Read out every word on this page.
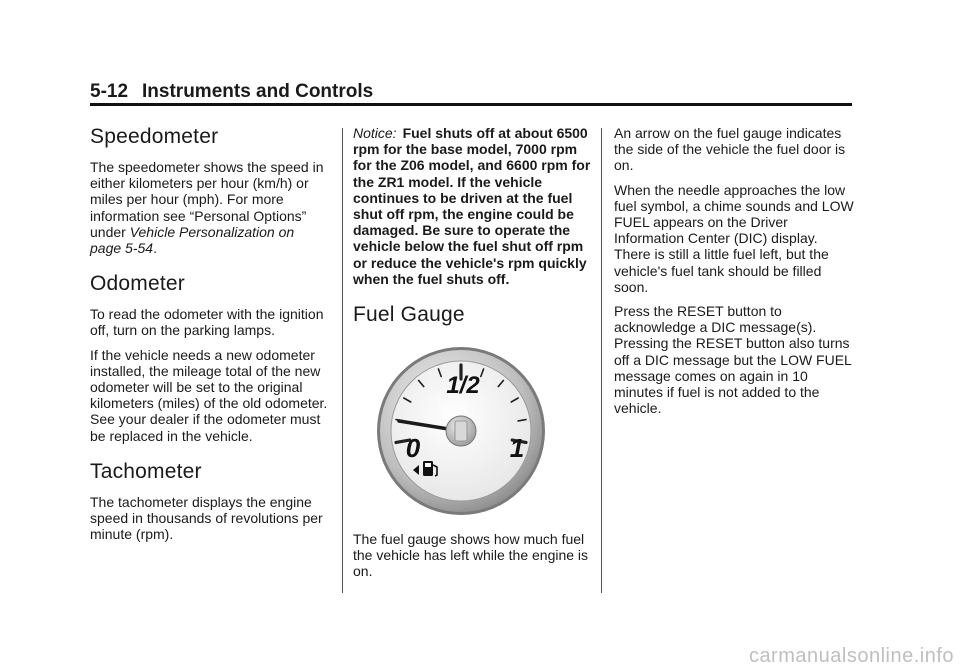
5-12 Instruments and Controls
Speedometer

The speedometer shows the speed in either kilometers per hour (km/h) or miles per hour (mph). For more information see “Personal Options” under Vehicle Personalization on page 5-54.

Odometer

To read the odometer with the ignition off, turn on the parking lamps.

If the vehicle needs a new odometer installed, the mileage total of the new odometer will be set to the original kilometers (miles) of the old odometer. See your dealer if the odometer must be replaced in the vehicle.

Tachometer

The tachometer displays the engine speed in thousands of revolutions per minute (rpm).

Notice: Fuel shuts off at about 6500 rpm for the base model, 7000 rpm for the Z06 model, and 6600 rpm for the ZR1 model. If the vehicle continues to be driven at the fuel shut off rpm, the engine could be damaged. Be sure to operate the vehicle below the fuel shut off rpm or reduce the vehicle's rpm quickly when the fuel shuts off.

Fuel Gauge
1/2
0	1

The fuel gauge shows how much fuel the vehicle has left while the engine is on.

An arrow on the fuel gauge indicates the side of the vehicle the fuel door is on.

When the needle approaches the low fuel symbol, a chime sounds and LOW FUEL appears on the Driver Information Center (DIC) display. There is still a little fuel left, but the vehicle's fuel tank should be filled soon.

Press the RESET button to acknowledge a DIC message(s). Pressing the RESET button also turns off a DIC message but the LOW FUEL message comes on again in 10 minutes if fuel is not added to the vehicle.

carmanualsonline.info
